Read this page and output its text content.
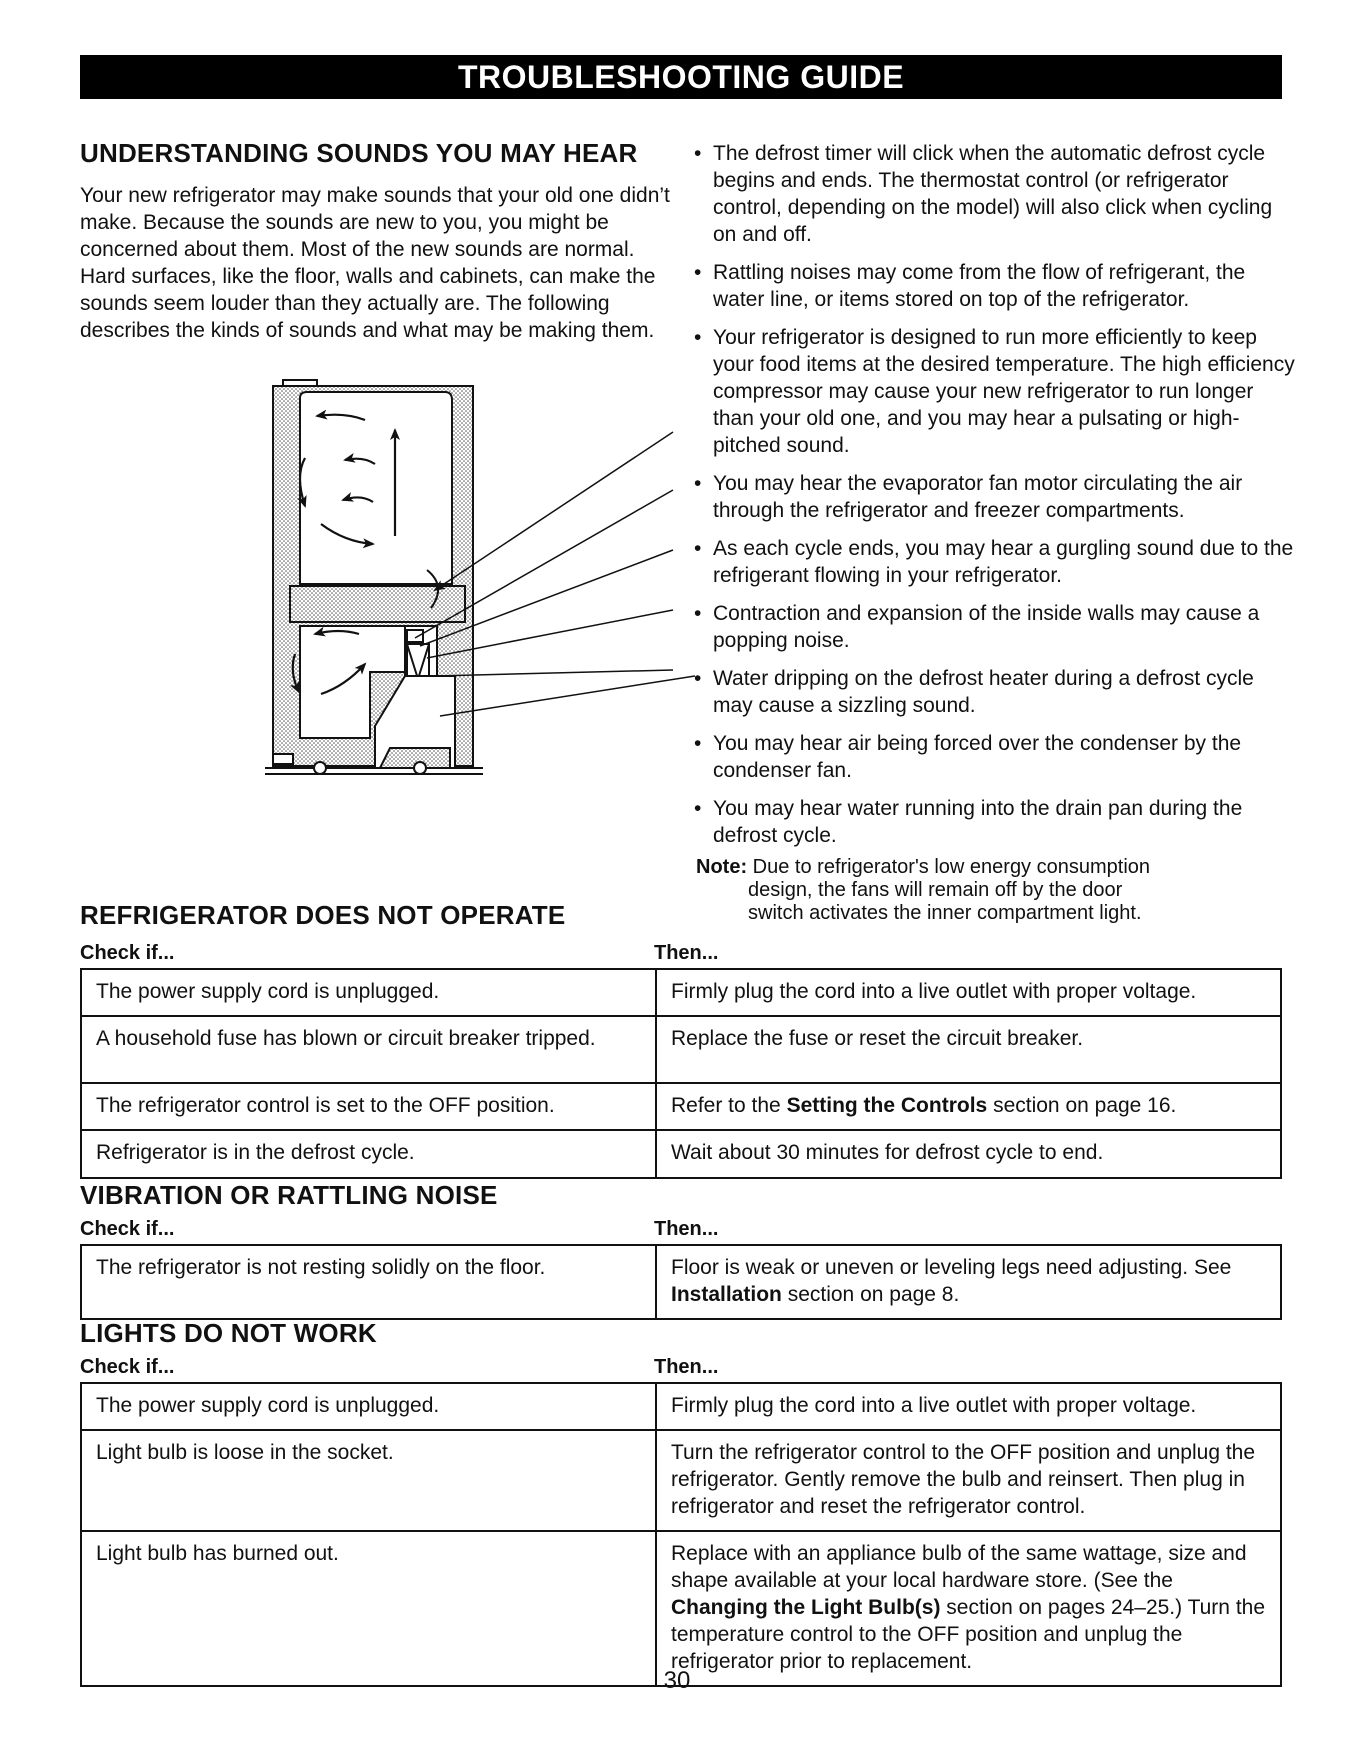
TROUBLESHOOTING GUIDE
UNDERSTANDING SOUNDS YOU MAY HEAR

Your new refrigerator may make sounds that your old one didn’t make. Because the sounds are new to you, you might be concerned about them. Most of the new sounds are normal. Hard surfaces, like the floor, walls and cabinets, can make the sounds seem louder than they actually are. The following describes the kinds of sounds and what may be making them.

• The defrost timer will click when the automatic defrost cycle begins and ends. The thermostat control (or refrigerator control, depending on the model) will also click when cycling on and off.
• Rattling noises may come from the flow of refrigerant, the water line, or items stored on top of the refrigerator.
• Your refrigerator is designed to run more efficiently to keep your food items at the desired temperature. The high efficiency compressor may cause your new refrigerator to run longer than your old one, and you may hear a pulsating or high-pitched sound.
• You may hear the evaporator fan motor circulating the air through the refrigerator and freezer compartments.
• As each cycle ends, you may hear a gurgling sound due to the refrigerant flowing in your refrigerator.
• Contraction and expansion of the inside walls may cause a popping noise.
• Water dripping on the defrost heater during a defrost cycle may cause a sizzling sound.
• You may hear air being forced over the condenser by the condenser fan.
• You may hear water running into the drain pan during the defrost cycle.
Note: Due to refrigerator's low energy consumption
design, the fans will remain off by the door
switch activates the inner compartment light.
REFRIGERATOR DOES NOT OPERATE
Check if...	Then...
The power supply cord is unplugged.	Firmly plug the cord into a live outlet with proper voltage.
A household fuse has blown or circuit breaker tripped.	Replace the fuse or reset the circuit breaker.
The refrigerator control is set to the OFF position.	Refer to the Setting the Controls section on page 16.
Refrigerator is in the defrost cycle.	Wait about 30 minutes for defrost cycle to end.
VIBRATION OR RATTLING NOISE
Check if...	Then...
The refrigerator is not resting solidly on the floor.	Floor is weak or uneven or leveling legs need adjusting. See Installation section on page 8.
LIGHTS DO NOT WORK
Check if...	Then...
The power supply cord is unplugged.	Firmly plug the cord into a live outlet with proper voltage.
Light bulb is loose in the socket.	Turn the refrigerator control to the OFF position and unplug the refrigerator. Gently remove the bulb and reinsert. Then plug in refrigerator and reset the refrigerator control.
Light bulb has burned out.	Replace with an appliance bulb of the same wattage, size and shape available at your local hardware store. (See the Changing the Light Bulb(s) section on pages 24–25.) Turn the temperature control to the OFF position and unplug the refrigerator prior to replacement.
30
